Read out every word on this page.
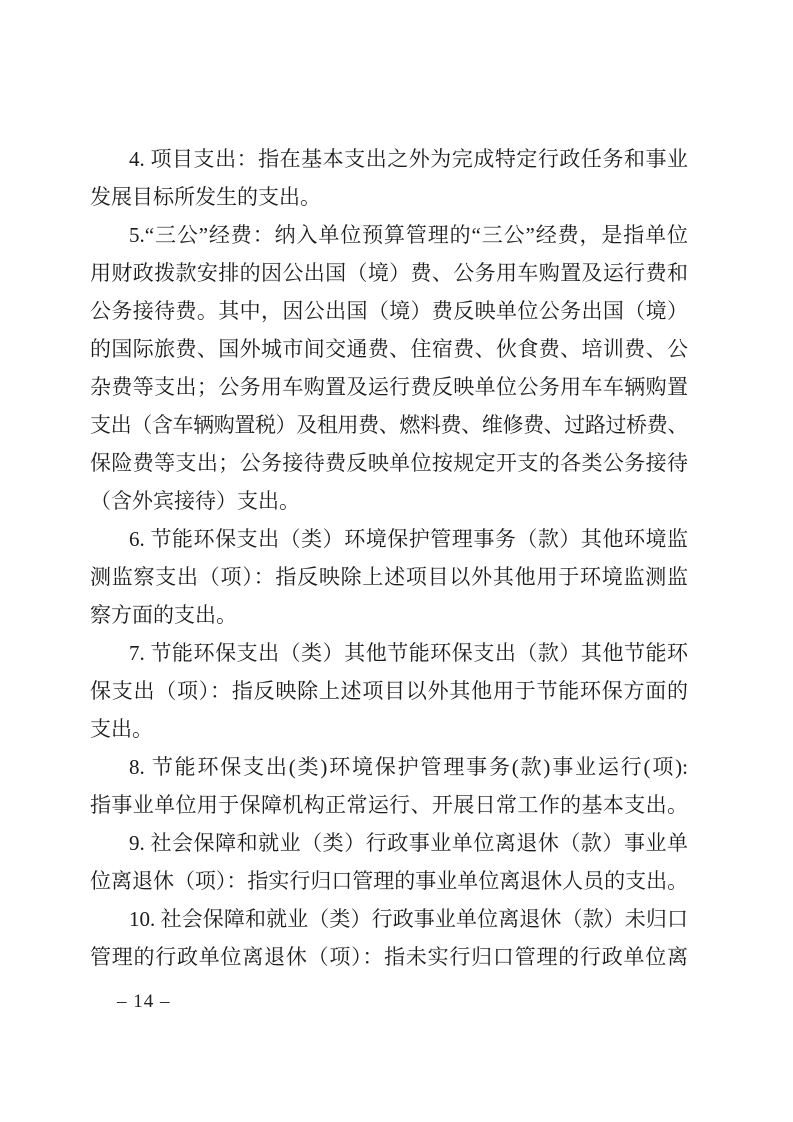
4. 项目支出：指在基本支出之外为完成特定行政任务和事业
发展目标所发生的支出。
5.“三公”经费：纳入单位预算管理的“三公”经费，是指单位
用财政拨款安排的因公出国（境）费、公务用车购置及运行费和
公务接待费。其中，因公出国（境）费反映单位公务出国（境）
的国际旅费、国外城市间交通费、住宿费、伙食费、培训费、公
杂费等支出；公务用车购置及运行费反映单位公务用车车辆购置
支出（含车辆购置税）及租用费、燃料费、维修费、过路过桥费、
保险费等支出；公务接待费反映单位按规定开支的各类公务接待
（含外宾接待）支出。
6. 节能环保支出（类）环境保护管理事务（款）其他环境监
测监察支出（项）：指反映除上述项目以外其他用于环境监测监
察方面的支出。
7. 节能环保支出（类）其他节能环保支出（款）其他节能环
保支出（项）：指反映除上述项目以外其他用于节能环保方面的
支出。
8. 节能环保支出(类)环境保护管理事务(款)事业运行(项):
指事业单位用于保障机构正常运行、开展日常工作的基本支出。
9. 社会保障和就业（类）行政事业单位离退休（款）事业单
位离退休（项）：指实行归口管理的事业单位离退休人员的支出。
10. 社会保障和就业（类）行政事业单位离退休（款）未归口
管理的行政单位离退休（项）：指未实行归口管理的行政单位离
– 14 –
